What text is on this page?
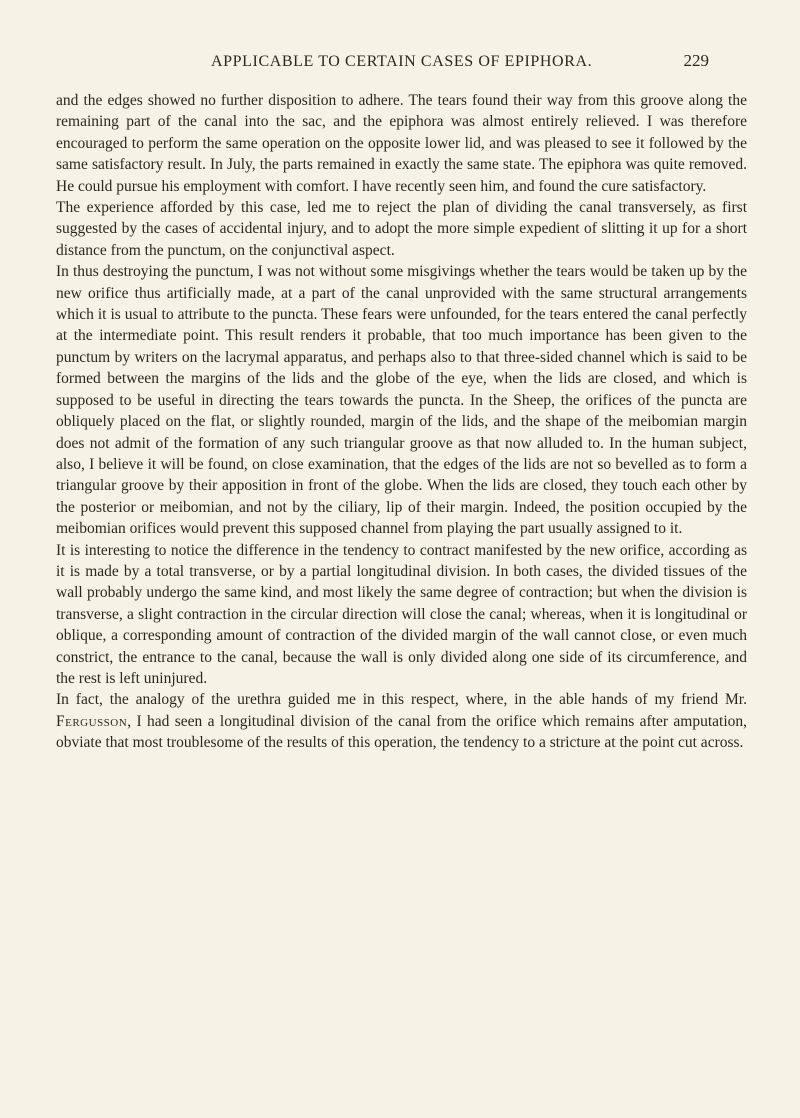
APPLICABLE TO CERTAIN CASES OF EPIPHORA.	229

and the edges showed no further disposition to adhere. The tears found their way from this groove along the remaining part of the canal into the sac, and the epiphora was almost entirely relieved. I was therefore encouraged to perform the same operation on the opposite lower lid, and was pleased to see it followed by the same satisfactory result. In July, the parts remained in exactly the same state. The epiphora was quite removed. He could pursue his employment with comfort. I have recently seen him, and found the cure satisfactory.

The experience afforded by this case, led me to reject the plan of dividing the canal transversely, as first suggested by the cases of accidental injury, and to adopt the more simple expedient of slitting it up for a short distance from the punctum, on the conjunctival aspect.

In thus destroying the punctum, I was not without some misgivings whether the tears would be taken up by the new orifice thus artificially made, at a part of the canal unprovided with the same structural arrangements which it is usual to attribute to the puncta. These fears were unfounded, for the tears entered the canal perfectly at the intermediate point. This result renders it probable, that too much importance has been given to the punctum by writers on the lacrymal apparatus, and perhaps also to that three-sided channel which is said to be formed between the margins of the lids and the globe of the eye, when the lids are closed, and which is supposed to be useful in directing the tears towards the puncta. In the Sheep, the orifices of the puncta are obliquely placed on the flat, or slightly rounded, margin of the lids, and the shape of the meibomian margin does not admit of the formation of any such triangular groove as that now alluded to. In the human subject, also, I believe it will be found, on close examination, that the edges of the lids are not so bevelled as to form a triangular groove by their apposition in front of the globe. When the lids are closed, they touch each other by the posterior or meibomian, and not by the ciliary, lip of their margin. Indeed, the position occupied by the meibomian orifices would prevent this supposed channel from playing the part usually assigned to it.

It is interesting to notice the difference in the tendency to contract manifested by the new orifice, according as it is made by a total transverse, or by a partial longitudinal division. In both cases, the divided tissues of the wall probably undergo the same kind, and most likely the same degree of contraction; but when the division is transverse, a slight contraction in the circular direction will close the canal; whereas, when it is longitudinal or oblique, a corresponding amount of contraction of the divided margin of the wall cannot close, or even much constrict, the entrance to the canal, because the wall is only divided along one side of its circumference, and the rest is left uninjured.

In fact, the analogy of the urethra guided me in this respect, where, in the able hands of my friend Mr. Fergusson, I had seen a longitudinal division of the canal from the orifice which remains after amputation, obviate that most troublesome of the results of this operation, the tendency to a stricture at the point cut across.
